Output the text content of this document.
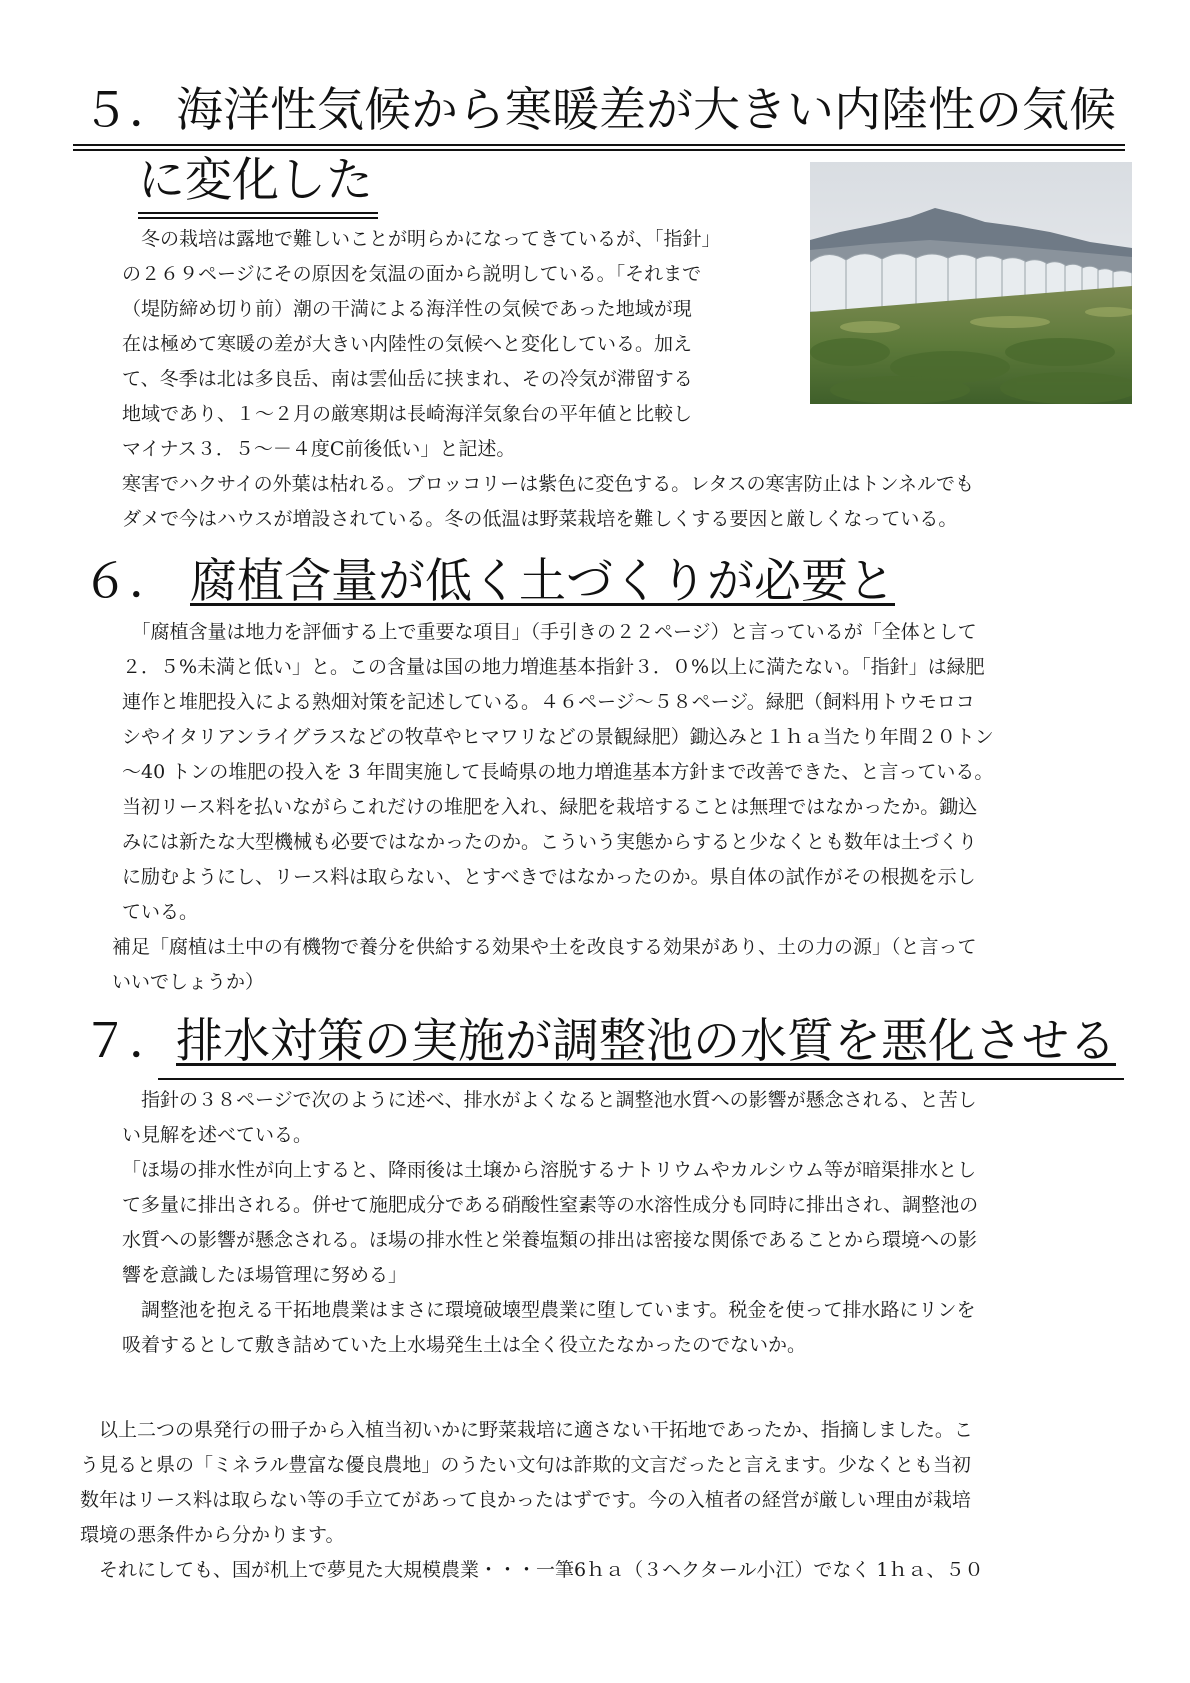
５．海洋性気候から寒暖差が大きい内陸性の気候
に変化した
　冬の栽培は露地で難しいことが明らかになってきているが、「指針」
の２６９ページにその原因を気温の面から説明している。「それまで
（堤防締め切り前）潮の干満による海洋性の気候であった地域が現
在は極めて寒暖の差が大きい内陸性の気候へと変化している。加え
て、冬季は北は多良岳、南は雲仙岳に挟まれ、その冷気が滞留する
地域であり、１～２月の厳寒期は長崎海洋気象台の平年値と比較し
マイナス３．５～－４度C前後低い」と記述。
寒害でハクサイの外葉は枯れる。ブロッコリーは紫色に変色する。レタスの寒害防止はトンネルでも
ダメで今はハウスが増設されている。冬の低温は野菜栽培を難しくする要因と厳しくなっている。
６． 腐植含量が低く土づくりが必要と
　「腐植含量は地力を評価する上で重要な項目」（手引きの２２ページ）と言っているが「全体として
２．５%未満と低い」と。この含量は国の地力増進基本指針３．０%以上に満たない。「指針」は緑肥
連作と堆肥投入による熟畑対策を記述している。４６ページ～５８ページ。緑肥（飼料用トウモロコ
シやイタリアンライグラスなどの牧草やヒマワリなどの景観緑肥）鋤込みと１ｈａ当たり年間２０トン
～40 トンの堆肥の投入を 3 年間実施して長崎県の地力増進基本方針まで改善できた、と言っている。
当初リース料を払いながらこれだけの堆肥を入れ、緑肥を栽培することは無理ではなかったか。鋤込
みには新たな大型機械も必要ではなかったのか。こういう実態からすると少なくとも数年は土づくり
に励むようにし、リース料は取らない、とすべきではなかったのか。県自体の試作がその根拠を示し
ている。
補足「腐植は土中の有機物で養分を供給する効果や土を改良する効果があり、土の力の源」（と言って
いいでしょうか）
７．排水対策の実施が調整池の水質を悪化させる
　指針の３８ページで次のように述べ、排水がよくなると調整池水質への影響が懸念される、と苦し
い見解を述べている。
「ほ場の排水性が向上すると、降雨後は土壌から溶脱するナトリウムやカルシウム等が暗渠排水とし
て多量に排出される。併せて施肥成分である硝酸性窒素等の水溶性成分も同時に排出され、調整池の
水質への影響が懸念される。ほ場の排水性と栄養塩類の排出は密接な関係であることから環境への影
響を意識したほ場管理に努める」
　調整池を抱える干拓地農業はまさに環境破壊型農業に堕しています。税金を使って排水路にリンを
吸着するとして敷き詰めていた上水場発生土は全く役立たなかったのでないか。
　以上二つの県発行の冊子から入植当初いかに野菜栽培に適さない干拓地であったか、指摘しました。こ
う見ると県の「ミネラル豊富な優良農地」のうたい文句は詐欺的文言だったと言えます。少なくとも当初
数年はリース料は取らない等の手立てがあって良かったはずです。今の入植者の経営が厳しい理由が栽培
環境の悪条件から分かります。
　それにしても、国が机上で夢見た大規模農業・・・一筆6ｈａ（３ヘクタール小江）でなく 1ｈａ、５０
